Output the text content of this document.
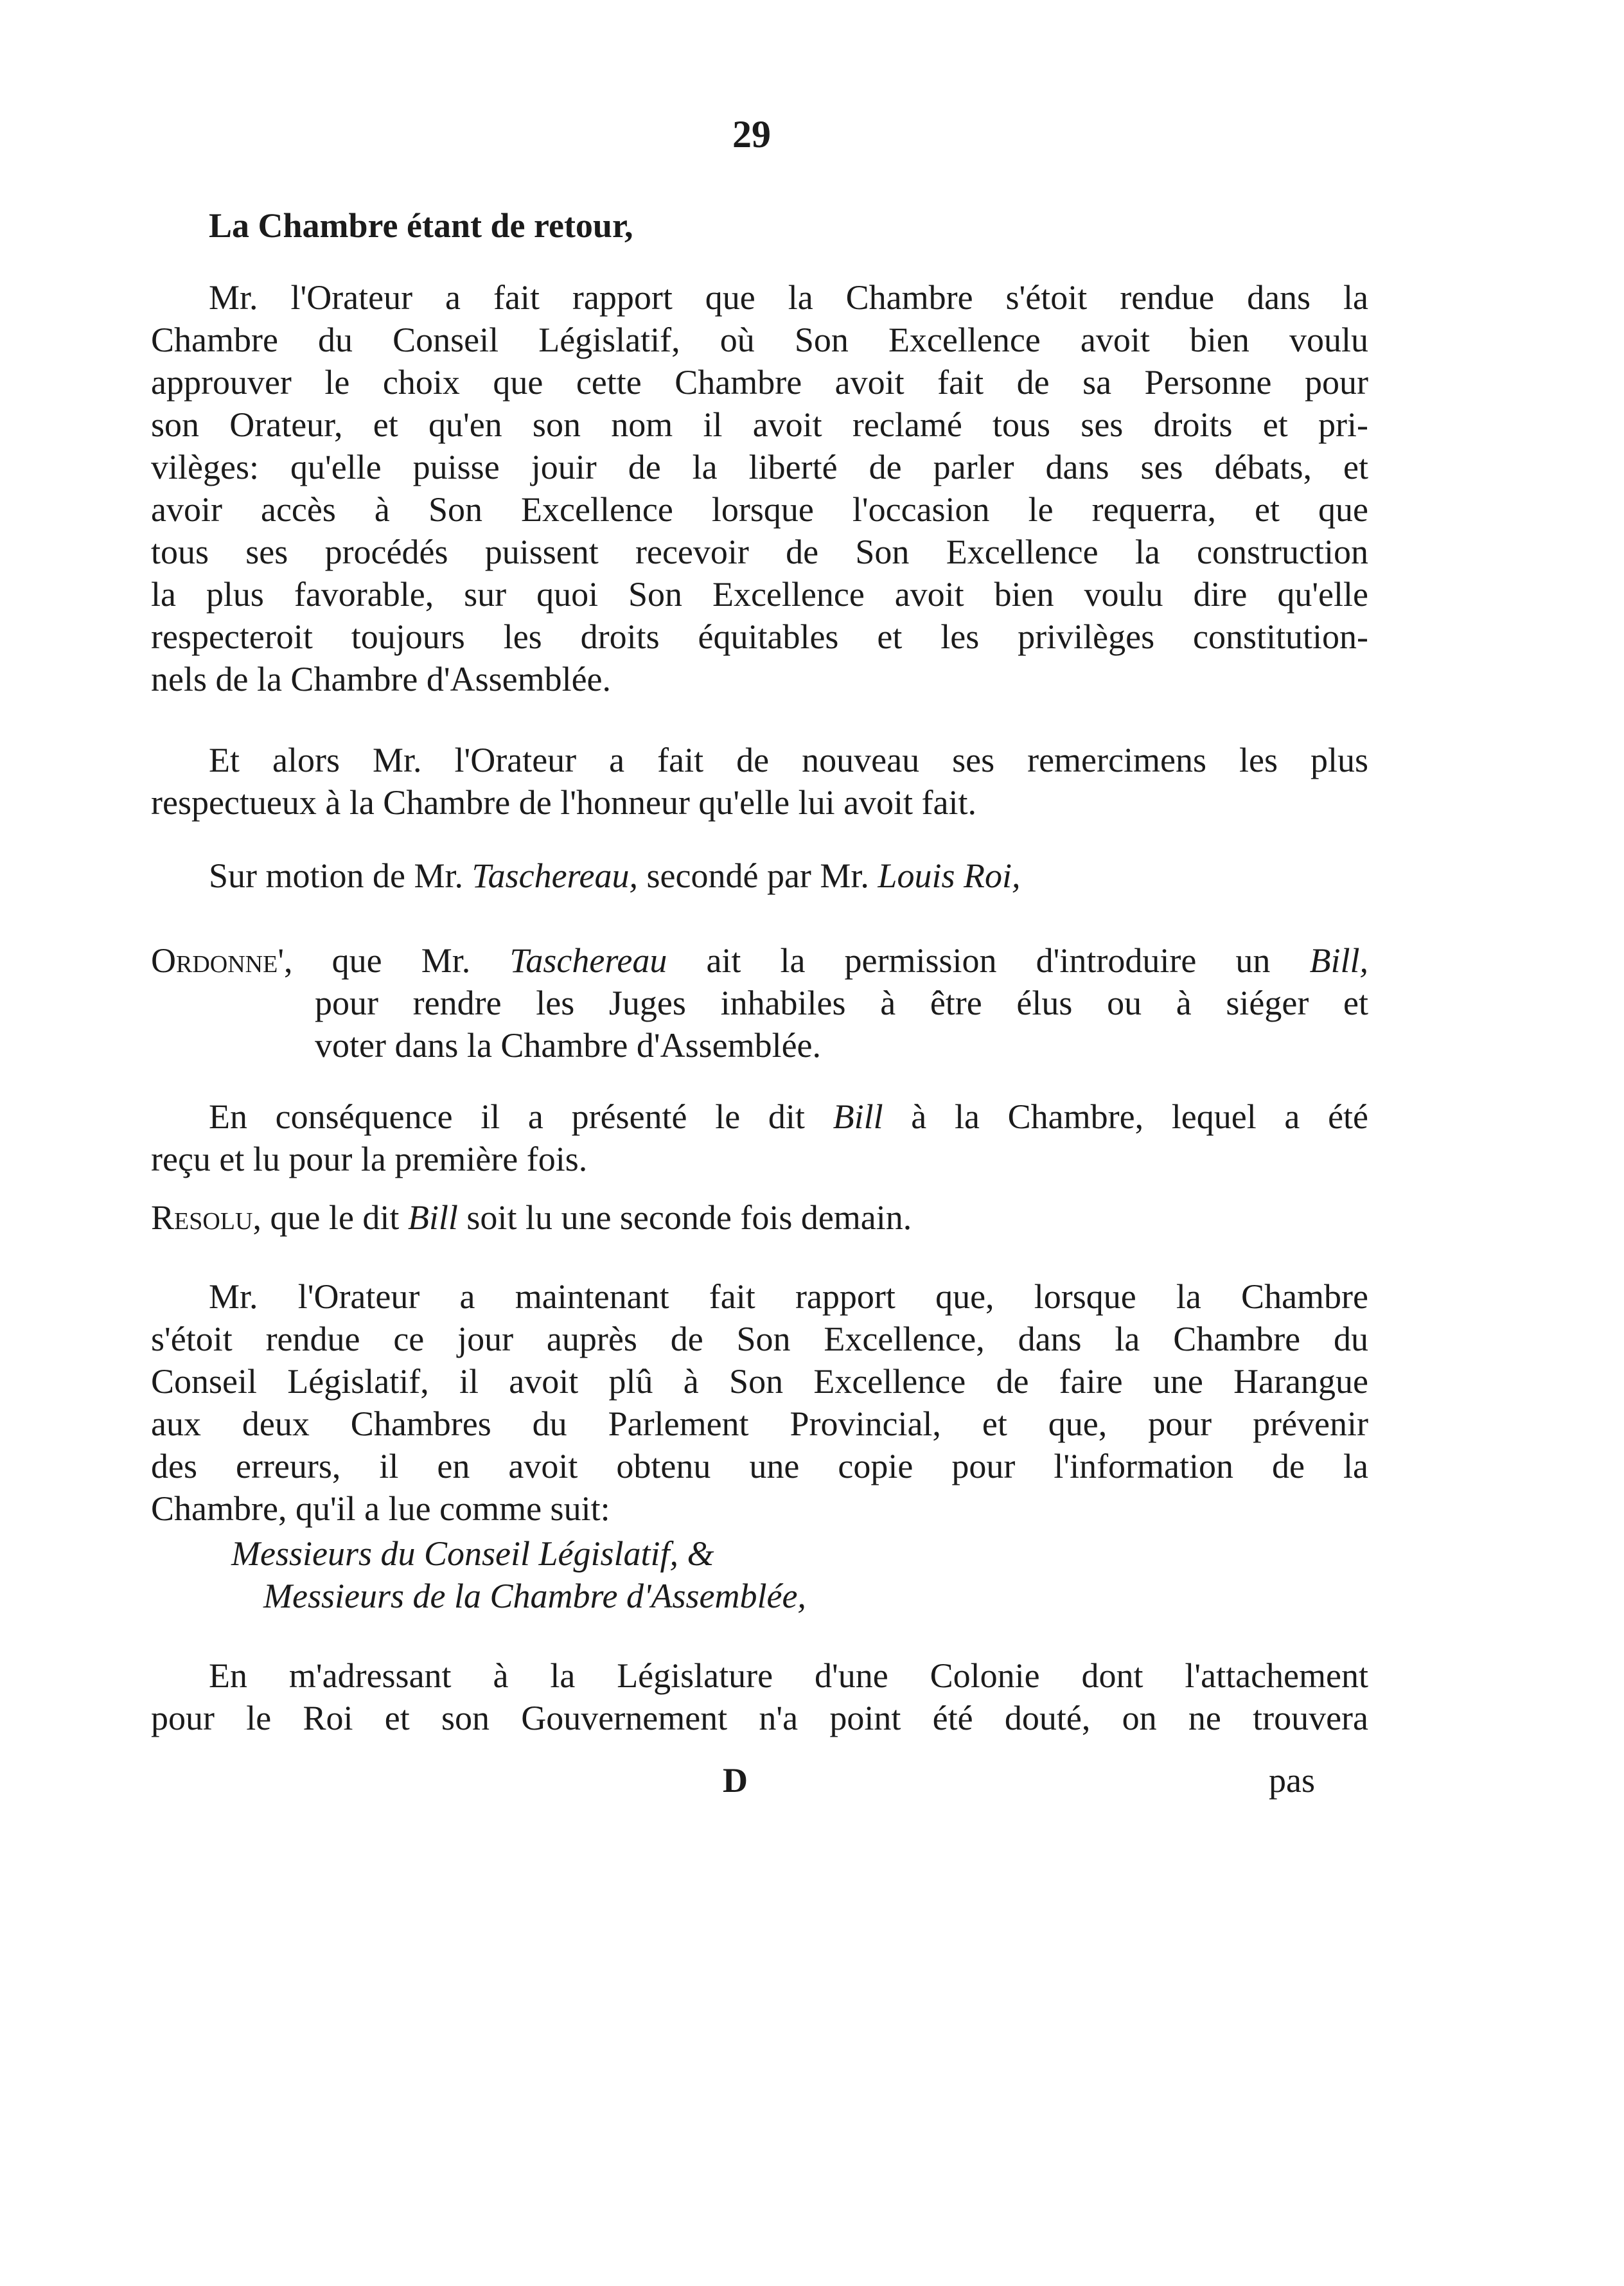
29
La Chambre étant de retour,
Mr. l'Orateur a fait rapport que la Chambre s'étoit rendue dans la
Chambre du Conseil Législatif, où Son Excellence avoit bien voulu
approuver le choix que cette Chambre avoit fait de sa Personne pour
son Orateur, et qu'en son nom il avoit reclamé tous ses droits et pri-
vilèges: qu'elle puisse jouir de la liberté de parler dans ses débats, et
avoir accès à Son Excellence lorsque l'occasion le requerra, et que
tous ses procédés puissent recevoir de Son Excellence la construction
la plus favorable, sur quoi Son Excellence avoit bien voulu dire qu'elle
respecteroit toujours les droits équitables et les privilèges constitution-
nels de la Chambre d'Assemblée.
Et alors Mr. l'Orateur a fait de nouveau ses remercimens les plus
respectueux à la Chambre de l'honneur qu'elle lui avoit fait.
Sur motion de Mr. Taschereau, secondé par Mr. Louis Roi,
Ordonne', que Mr. Taschereau ait la permission d'introduire un Bill,
pour rendre les Juges inhabiles à être élus ou à siéger et
voter dans la Chambre d'Assemblée.
En conséquence il a présenté le dit Bill à la Chambre, lequel a été
reçu et lu pour la première fois.
Resolu, que le dit Bill soit lu une seconde fois demain.
Mr. l'Orateur a maintenant fait rapport que, lorsque la Chambre
s'étoit rendue ce jour auprès de Son Excellence, dans la Chambre du
Conseil Législatif, il avoit plû à Son Excellence de faire une Harangue
aux deux Chambres du Parlement Provincial, et que, pour prévenir
des erreurs, il en avoit obtenu une copie pour l'information de la
Chambre, qu'il a lue comme suit:
Messieurs du Conseil Législatif, &
Messieurs de la Chambre d'Assemblée,
En m'adressant à la Législature d'une Colonie dont l'attachement
pour le Roi et son Gouvernement n'a point été douté, on ne trouvera
D	pas
